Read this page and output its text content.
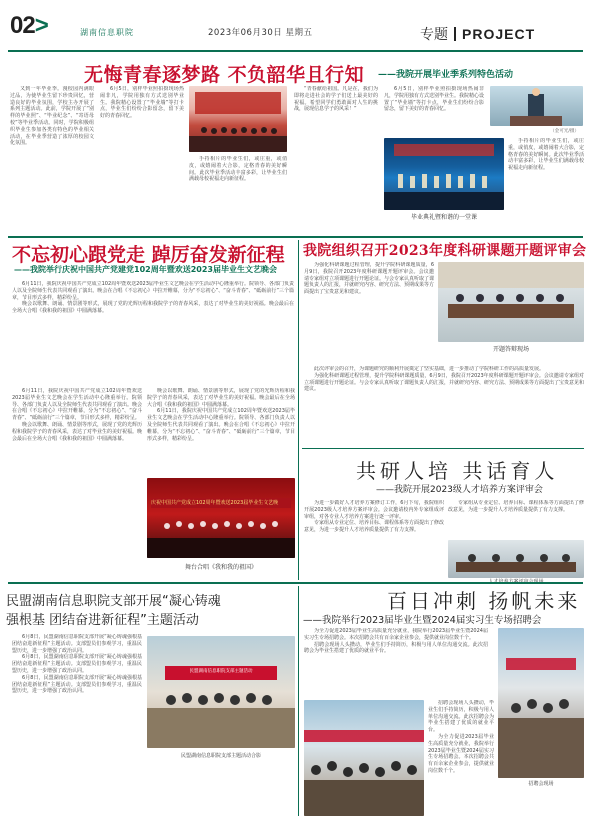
02>	湖南信息职院	2023年06月30日 星期五	专题 PROJECT
无悔青春逐梦路 不负韶华且行知 ——我院开展毕业季系列特色活动

又到一年毕业季。漫校园内满眼过品，为使毕业生留下珍贵回忆，营造良好的毕业氛围，学校主办开展了系列主题活动。此前，学院开展了“别样的毕业照”、“毕业纪念”、“寄语母校”等毕业季活动。同时，学院积极组织毕业生参加各类有特色的毕业相关活动，在毕业季营造了浓厚的校园文化氛围。

6月5日，别样毕业照拍摄现场热闹非凡，学院用独有方式送别毕业生。我院精心设置了“毕业墙”等打卡点，毕业生们纷纷合影留念，留下美好的青春回忆。

手持相片的毕业生们，或庄重，或俏皮，或嬉闹着大合影，定格青春的美好瞬间。此次毕业季活动丰富多彩，让毕业生们满载母校祝福走向新征程。

“青春献给祖国。凡是在，我们为即将走进社会的学子们送上最美好的祝福。希望同学们勇敢面对人生的挑战，展现信息学子的风采！”

6月5日，别样毕业照拍摄现场热闹非凡，学院用独有方式送别毕业生。我院精心设置了“毕业墙”等打卡点，毕业生们纷纷合影留念，留下美好的青春回忆。

（金可光/摄）
毕业典礼暨和谐的一堂课

手持相片的毕业生们，或庄重，或俏皮，或嬉闹着大合影，定格青春的美好瞬间。此次毕业季活动丰富多彩，让毕业生们满载母校祝福走向新征程。

不忘初心跟党走 踔厉奋发新征程
——我院举行庆祝中国共产党建党102周年暨欢送2023届毕业生文艺晚会

6月11日，我院庆祝中国共产党成立102周年暨欢送2023届毕业生文艺晚会在学生活动中心隆重举行。院领导、各部门负责人以及全院师生代表共同观看了演出。晚会在合唱《不忘初心》中拉开帷幕，分为“不忘初心”、“奋斗青春”、“砥砺前行”三个篇章，节目形式多样，精彩纷呈。

晚会以歌舞、朗诵、情景剧等形式，展现了党的光辉历程和我院学子的青春风采，表达了对毕业生的美好祝福。晚会最后在全场大合唱《我和我的祖国》中圆满落幕。

6月11日，我院庆祝中国共产党成立102周年暨欢送2023届毕业生文艺晚会在学生活动中心隆重举行。院领导、各部门负责人以及全院师生代表共同观看了演出。晚会在合唱《不忘初心》中拉开帷幕，分为“不忘初心”、“奋斗青春”、“砥砺前行”三个篇章，节目形式多样，精彩纷呈。

晚会以歌舞、朗诵、情景剧等形式，展现了党的光辉历程和我院学子的青春风采，表达了对毕业生的美好祝福。晚会最后在全场大合唱《我和我的祖国》中圆满落幕。

庆祝中国共产党成立102周年暨欢送2023届毕业生文艺晚
舞台合唱《我和我的祖国》

晚会以歌舞、朗诵、情景剧等形式，展现了党的光辉历程和我院学子的青春风采，表达了对毕业生的美好祝福。晚会最后在全场大合唱《我和我的祖国》中圆满落幕。

6月11日，我院庆祝中国共产党成立102周年暨欢送2023届毕业生文艺晚会在学生活动中心隆重举行。院领导、各部门负责人以及全院师生代表共同观看了演出。晚会在合唱《不忘初心》中拉开帷幕，分为“不忘初心”、“奋斗青春”、“砥砺前行”三个篇章，节目形式多样，精彩纷呈。

我院组织召开2023年度科研课题开题评审会

为强化科研课题过程管理，提升学院科研课题质量，6月9日，我院召开2023年度科研课题开题评审会。会议邀请专家组对立项课题进行开题论证。与会专家认真听取了课题负责人的汇报，并就研究内容、研究方法、预期成果等方面提出了宝贵意见和建议。

开题答辩现场

此次评审会的召开，为课题研究的顺利开展奠定了坚实基础，进一步推动了学院科研工作的高质量发展。

为强化科研课题过程管理，提升学院科研课题质量，6月9日，我院召开2023年度科研课题开题评审会。会议邀请专家组对立项课题进行开题论证。与会专家认真听取了课题负责人的汇报，并就研究内容、研究方法、预期成果等方面提出了宝贵意见和建议。

共研人培 共话育人
——我院开展2023级人才培养方案评审会

为进一步做好人才培养方案修订工作，6月下旬，我院组织开展2023级人才培养方案评审会。会议邀请校内外专家组成评审组，对各专业人才培养方案进行逐一评审。

专家组从专业定位、培养目标、课程体系等方面提出了修改意见，为进一步提升人才培养质量提供了有力支撑。

专家组从专业定位、培养目标、课程体系等方面提出了修改意见，为进一步提升人才培养质量提供了有力支撑。

民盟湖南信息职院支部开展“凝心铸魂
强根基 团结奋进新征程”主题活动

6月8日，民盟湖南信息职院支部开展“凝心铸魂强根基 团结奋进新征程”主题活动。支部盟员们参观学习，重温民盟历史，进一步增强了政治认同。

6月8日，民盟湖南信息职院支部开展“凝心铸魂强根基 团结奋进新征程”主题活动。支部盟员们参观学习，重温民盟历史，进一步增强了政治认同。

6月8日，民盟湖南信息职院支部开展“凝心铸魂强根基 团结奋进新征程”主题活动。支部盟员们参观学习，重温民盟历史，进一步增强了政治认同。

民盟湖南信息职院支部主题活动
民盟湖南信息职院支部主题活动合影
百日冲刺 扬帆未来
——我院举行2023届毕业生暨2024届实习生专场招聘会

为全力促进2023届毕业生高质量充分就业，我院举行2023届毕业生暨2024届实习生专场招聘会。本次招聘会共有百余家企业参会，提供就业岗位数千个。

招聘会现场人头攒动，毕业生们手持简历，积极与用人单位沟通交流。此次招聘会为毕业生搭建了优质的就业平台。

招聘会现场人头攒动，毕业生们手持简历，积极与用人单位沟通交流。此次招聘会为毕业生搭建了优质的就业平台。

为全力促进2023届毕业生高质量充分就业，我院举行2023届毕业生暨2024届实习生专场招聘会。本次招聘会共有百余家企业参会，提供就业岗位数千个。

招聘会现场
